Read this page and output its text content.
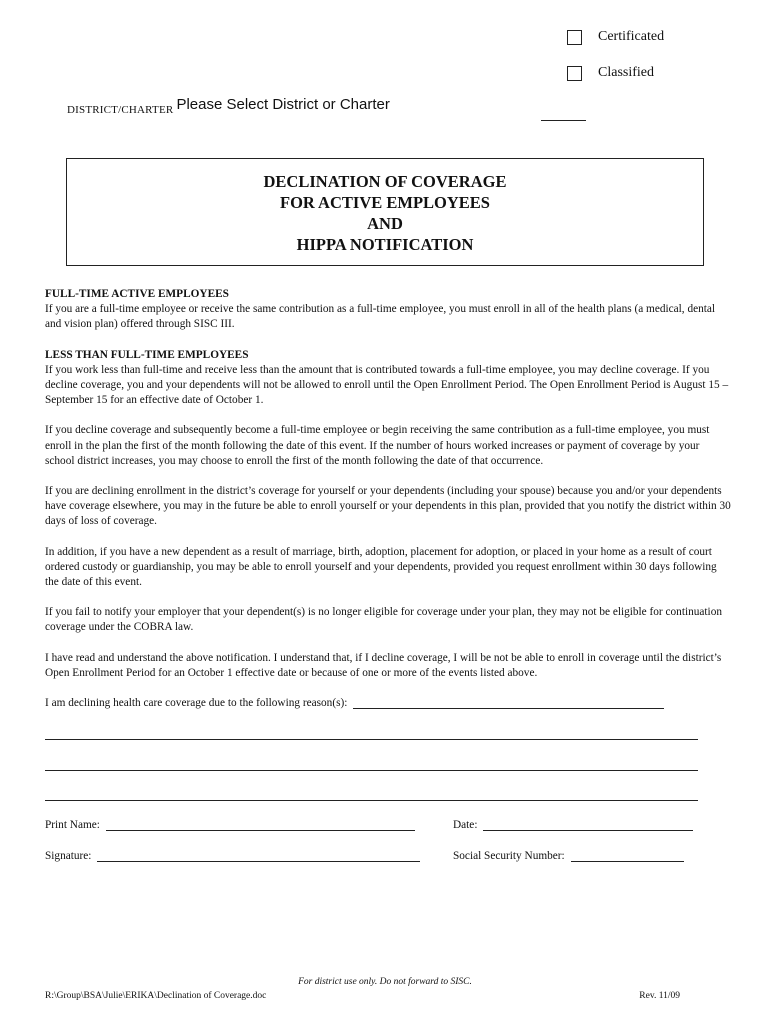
Certificated
Classified
DISTRICT/CHARTER Please Select District or Charter
DECLINATION OF COVERAGE
FOR ACTIVE EMPLOYEES
AND
HIPPA NOTIFICATION

FULL-TIME ACTIVE EMPLOYEES

If you are a full-time employee or receive the same contribution as a full-time employee, you must enroll in all of the health plans (a medical, dental and vision plan) offered through SISC III.

LESS THAN FULL-TIME EMPLOYEES

If you work less than full-time and receive less than the amount that is contributed towards a full-time employee, you may decline coverage. If you decline coverage, you and your dependents will not be allowed to enroll until the Open Enrollment Period. The Open Enrollment Period is August 15 – September 15 for an effective date of October 1.

If you decline coverage and subsequently become a full-time employee or begin receiving the same contribution as a full-time employee, you must enroll in the plan the first of the month following the date of this event. If the number of hours worked increases or payment of coverage by your school district increases, you may choose to enroll the first of the month following the date of that occurrence.

If you are declining enrollment in the district’s coverage for yourself or your dependents (including your spouse) because you and/or your dependents have coverage elsewhere, you may in the future be able to enroll yourself or your dependents in this plan, provided that you notify the district within 30 days of loss of coverage.

In addition, if you have a new dependent as a result of marriage, birth, adoption, placement for adoption, or placed in your home as a result of court ordered custody or guardianship, you may be able to enroll yourself and your dependents, provided you request enrollment within 30 days following the date of this event.

If you fail to notify your employer that your dependent(s) is no longer eligible for coverage under your plan, they may not be eligible for continuation coverage under the COBRA law.

I have read and understand the above notification. I understand that, if I decline coverage, I will be not be able to enroll in coverage until the district’s Open Enrollment Period for an October 1 effective date or because of one or more of the events listed above.

I am declining health care coverage due to the following reason(s):
Print Name:	Date:
Signature:	Social Security Number:
For district use only. Do not forward to SISC.
R:\Group\BSA\Julie\ERIKA\Declination of Coverage.doc	Rev. 11/09
